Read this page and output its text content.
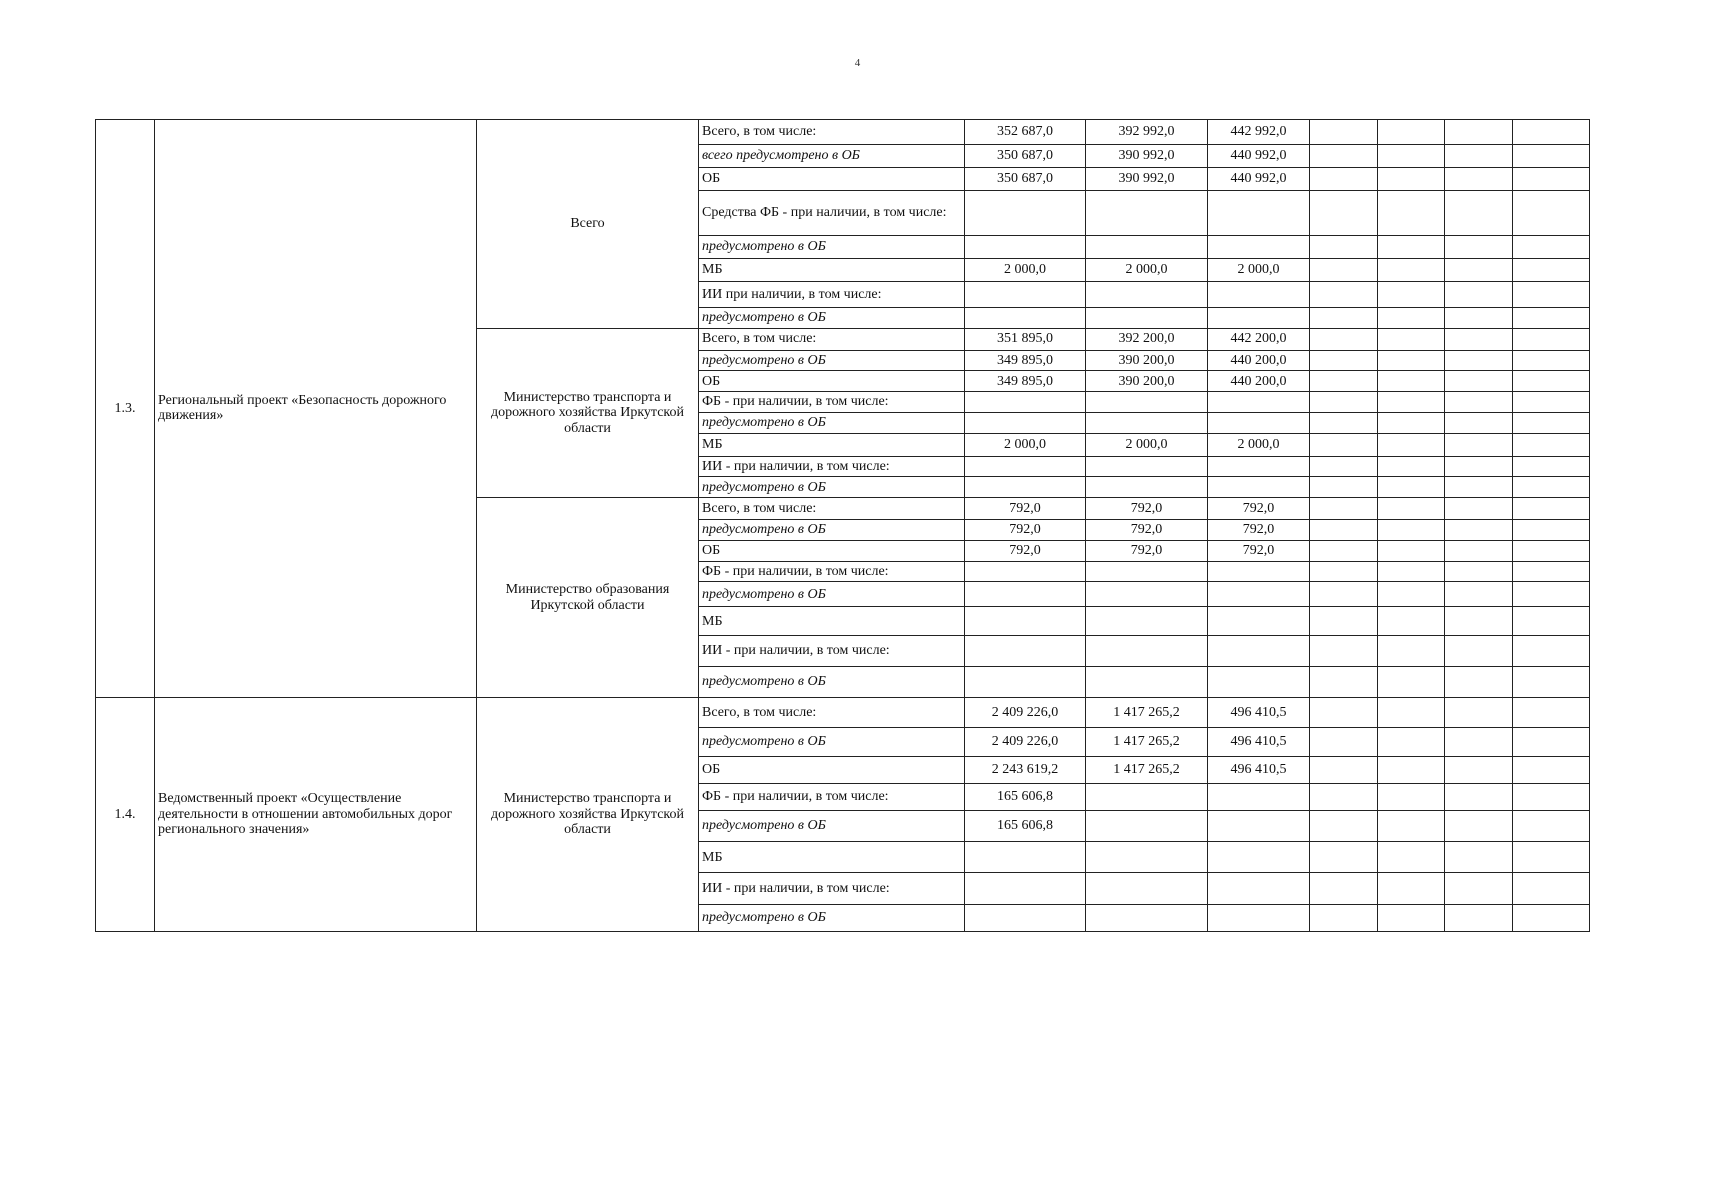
4
1.3.	Региональный проект «Безопасность дорожного движения»	Всего	Всего, в том числе:	352 687,0	392 992,0	442 992,0				
			всего предусмотрено в ОБ	350 687,0	390 992,0	440 992,0				
			ОБ	350 687,0	390 992,0	440 992,0				
			Средства ФБ - при наличии, в том числе:							
			предусмотрено в ОБ							
			МБ	2 000,0	2 000,0	2 000,0				
			ИИ при наличии, в том числе:							
			предусмотрено в ОБ							
		Министерство транспорта и дорожного хозяйства Иркутской области	Всего, в том числе:	351 895,0	392 200,0	442 200,0				
			предусмотрено в ОБ	349 895,0	390 200,0	440 200,0				
			ОБ	349 895,0	390 200,0	440 200,0				
			ФБ - при наличии, в том числе:							
			предусмотрено в ОБ							
			МБ	2 000,0	2 000,0	2 000,0				
			ИИ - при наличии, в том числе:							
			предусмотрено в ОБ							
		Министерство образования Иркутской области	Всего, в том числе:	792,0	792,0	792,0				
			предусмотрено в ОБ	792,0	792,0	792,0				
			ОБ	792,0	792,0	792,0				
			ФБ - при наличии, в том числе:							
			предусмотрено в ОБ							
			МБ							
			ИИ - при наличии, в том числе:							
			предусмотрено в ОБ							
1.4.	Ведомственный проект «Осуществление деятельности в отношении автомобильных дорог регионального значения»	Министерство транспорта и дорожного хозяйства Иркутской области	Всего, в том числе:	2 409 226,0	1 417 265,2	496 410,5				
			предусмотрено в ОБ	2 409 226,0	1 417 265,2	496 410,5				
			ОБ	2 243 619,2	1 417 265,2	496 410,5				
			ФБ - при наличии, в том числе:	165 606,8						
			предусмотрено в ОБ	165 606,8						
			МБ							
			ИИ - при наличии, в том числе:							
			предусмотрено в ОБ							
